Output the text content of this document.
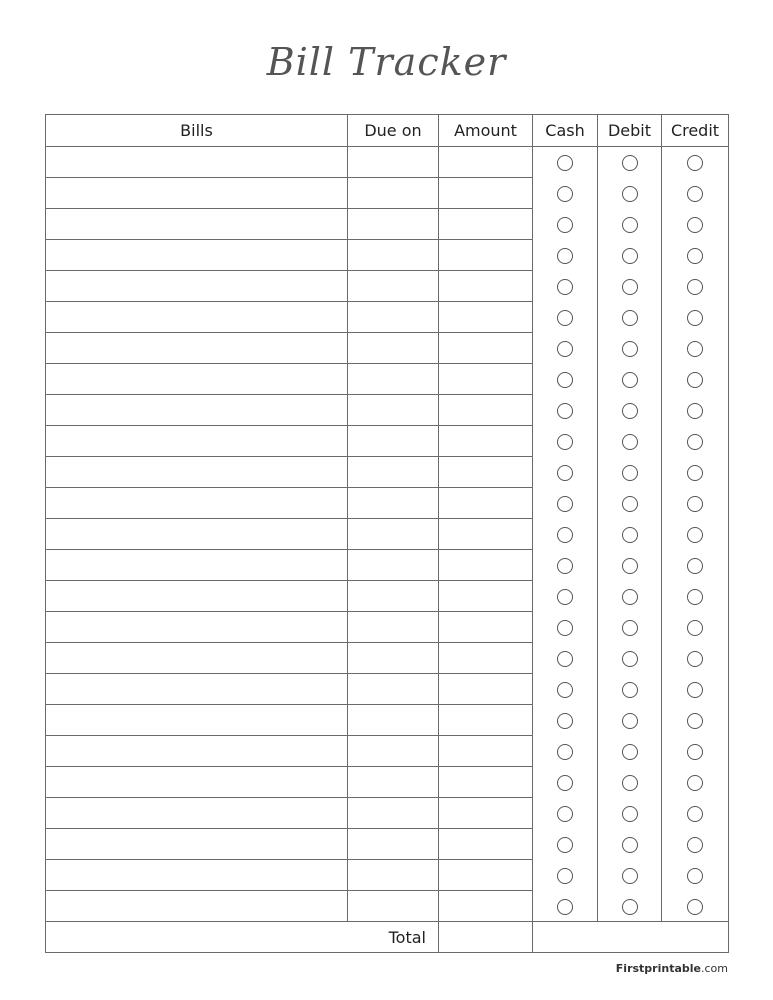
Bill Tracker
Bills	Due on	Amount	Cash	Debit	Credit

Total					
Firstprintable.com
